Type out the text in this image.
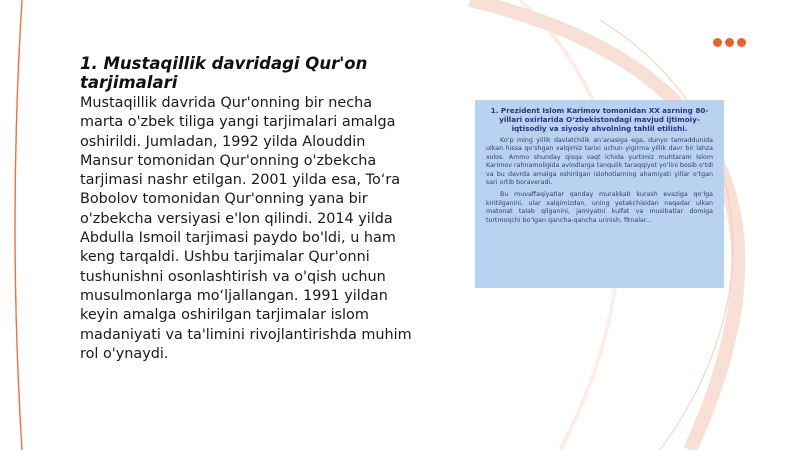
1. Mustaqillik davridagi Qur'on tarjimalari
Mustaqillik davrida Qur'onning bir necha marta o'zbek tiliga yangi tarjimalari amalga oshirildi. Jumladan, 1992 yilda Alouddin Mansur tomonidan Qur'onning o'zbekcha tarjimasi nashr etilgan. 2001 yilda esa, To‘ra Bobolov tomonidan Qur'onning yana bir o'zbekcha versiyasi e'lon qilindi. 2014 yilda Abdulla Ismoil tarjimasi paydo bo'ldi, u ham keng tarqaldi. Ushbu tarjimalar Qur'onni tushunishni osonlashtirish va o'qish uchun musulmonlarga mo‘ljallangan. 1991 yildan keyin amalga oshirilgan tarjimalar islom madaniyati va ta'limini rivojlantirishda muhim rol o'ynaydi.
1. Prezident Islom Karimov tomonidan XX asrning 80-yillari oxirlarida O‘zbekistondagi mavjud ijtimoiy-iqtisodiy va siyosiy ahvolning tahlil etilishi.
Ko‘p ming yillik davlatchilik an’anasiga ega, dunyo tamaddunida ulkan hissa qo‘shgan xalqimiz tarixi uchun yigirma yillik davr bir lahza xolos. Ammo shunday qisqa vaqt ichida yurtimiz muhtaram Islom Karimov rahnamoligida avlodlarga tanqulik taraqqiyot yo‘lini bosib o‘tdi va bu davrda amalga oshirilgan islohotlarning ahamiyati yillar o‘tgan sari ortib boraveradi.
Bu muvaffaqiyatlar qanday murakkab kurash evaziga qo‘lga kiritilganini, ular xalqimizdan, uning yetakchisidan naqadar ulkan matonat talab qilganini, jamiyatni kulfat va musibatlar domiga tortmoqchi bo‘lgan qancha-qancha urinish, fitnalar...
